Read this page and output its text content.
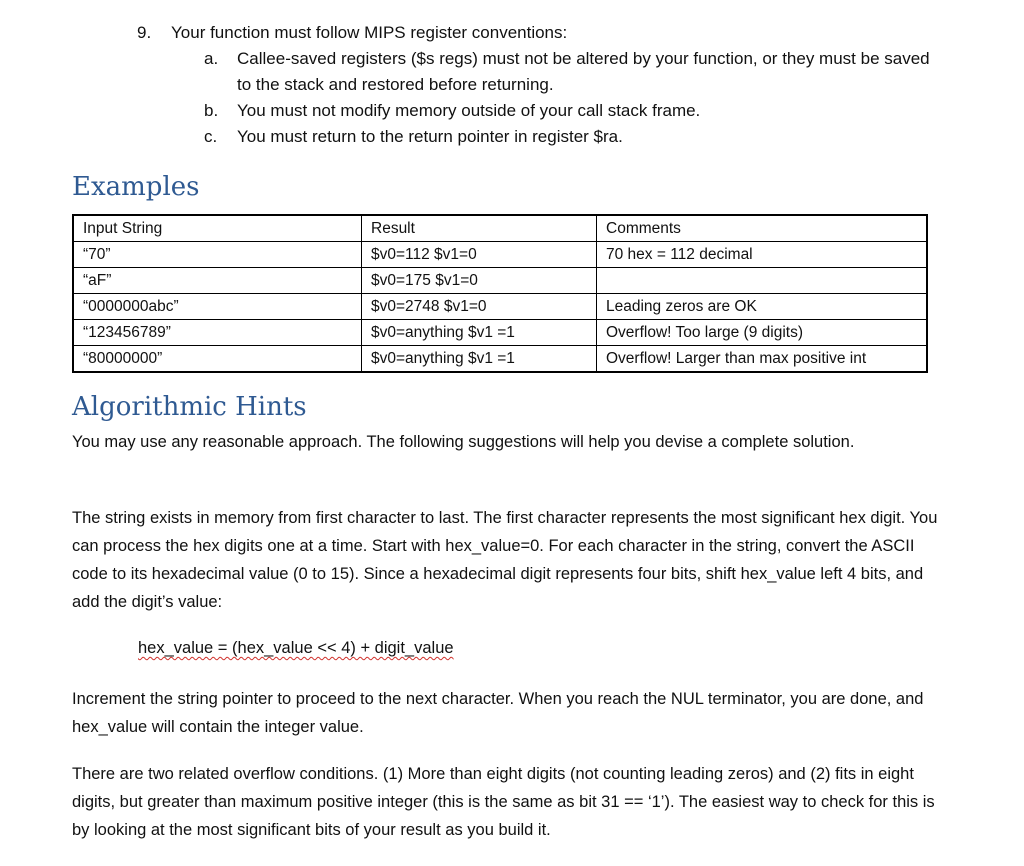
9. Your function must follow MIPS register conventions:
a. Callee-saved registers ($s regs) must not be altered by your function, or they must be saved to the stack and restored before returning.
b. You must not modify memory outside of your call stack frame.
c. You must return to the return pointer in register $ra.
Examples
Input String	Result	Comments
“70”	$v0=112 $v1=0	70 hex = 112 decimal
“aF”	$v0=175 $v1=0	
“0000000abc”	$v0=2748 $v1=0	Leading zeros are OK
“123456789”	$v0=anything $v1 =1	Overflow! Too large (9 digits)
“80000000”	$v0=anything $v1 =1	Overflow! Larger than max positive int
Algorithmic Hints
You may use any reasonable approach. The following suggestions will help you devise a complete solution.
The string exists in memory from first character to last. The first character represents the most significant hex digit. You can process the hex digits one at a time. Start with hex_value=0. For each character in the string, convert the ASCII code to its hexadecimal value (0 to 15). Since a hexadecimal digit represents four bits, shift hex_value left 4 bits, and add the digit’s value:
hex_value = (hex_value << 4) + digit_value
Increment the string pointer to proceed to the next character. When you reach the NUL terminator, you are done, and hex_value will contain the integer value.
There are two related overflow conditions. (1) More than eight digits (not counting leading zeros) and (2) fits in eight digits, but greater than maximum positive integer (this is the same as bit 31 == ‘1’). The easiest way to check for this is by looking at the most significant bits of your result as you build it.
